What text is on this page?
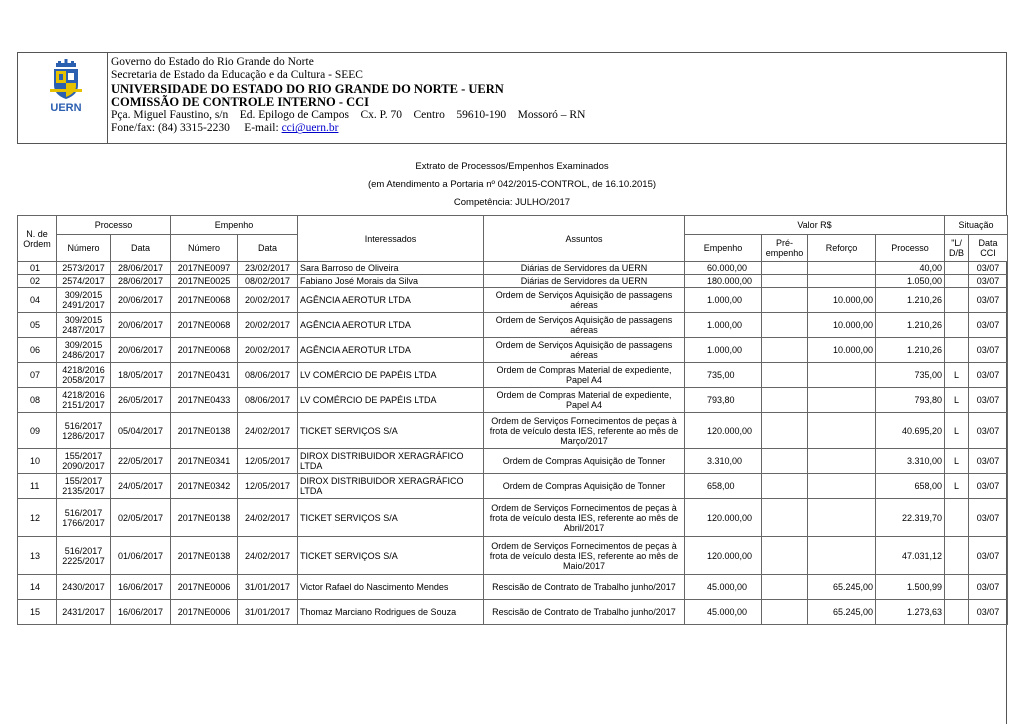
UERN
Governo do Estado do Rio Grande do Norte
Secretaria de Estado da Educação e da Cultura - SEEC
UNIVERSIDADE DO ESTADO DO RIO GRANDE DO NORTE - UERN
COMISSÃO DE CONTROLE INTERNO - CCI
Pça. Miguel Faustino, s/n    Ed. Epilogo de Campos    Cx. P. 70    Centro    59610-190    Mossoró – RN
Fone/fax: (84) 3315-2230 E-mail: cci@uern.br
Extrato de Processos/Empenhos Examinados
(em Atendimento a Portaria nº 042/2015-CONTROL, de 16.10.2015)
Competência: JULHO/2017
N. de Ordem	Processo		Empenho		Interessados	Assuntos	Valor R$				Situação	
	Número	Data	Número	Data			Empenho	Pré-empenho	Reforço	Processo	"L/ D/B	Data CCI
01	2573/2017	28/06/2017	2017NE0097	23/02/2017	Sara Barroso de Oliveira	Diárias de Servidores da UERN	60.000,00			40,00		03/07
02	2574/2017	28/06/2017	2017NE0025	08/02/2017	Fabiano José Morais da Silva	Diárias de Servidores da UERN	180.000,00			1.050,00		03/07
04	309/2015 2491/2017	20/06/2017	2017NE0068	20/02/2017	AGÊNCIA AEROTUR LTDA	Ordem de Serviços Aquisição de passagens aéreas	1.000,00		10.000,00	1.210,26		03/07
05	309/2015 2487/2017	20/06/2017	2017NE0068	20/02/2017	AGÊNCIA AEROTUR LTDA	Ordem de Serviços Aquisição de passagens aéreas	1.000,00		10.000,00	1.210,26		03/07
06	309/2015 2486/2017	20/06/2017	2017NE0068	20/02/2017	AGÊNCIA AEROTUR LTDA	Ordem de Serviços Aquisição de passagens aéreas	1.000,00		10.000,00	1.210,26		03/07
07	4218/2016 2058/2017	18/05/2017	2017NE0431	08/06/2017	LV COMÉRCIO DE PAPÉIS LTDA	Ordem de Compras Material de expediente, Papel A4	735,00			735,00	L	03/07
08	4218/2016 2151/2017	26/05/2017	2017NE0433	08/06/2017	LV COMÉRCIO DE PAPÉIS LTDA	Ordem de Compras Material de expediente, Papel A4	793,80			793,80	L	03/07
09	516/2017 1286/2017	05/04/2017	2017NE0138	24/02/2017	TICKET SERVIÇOS S/A	Ordem de Serviços Fornecimentos de peças à frota de veículo desta IES, referente ao mês de Março/2017	120.000,00			40.695,20	L	03/07
10	155/2017 2090/2017	22/05/2017	2017NE0341	12/05/2017	DIROX DISTRIBUIDOR XERAGRÁFICO LTDA	Ordem de Compras Aquisição de Tonner	3.310,00			3.310,00	L	03/07
11	155/2017 2135/2017	24/05/2017	2017NE0342	12/05/2017	DIROX DISTRIBUIDOR XERAGRÁFICO LTDA	Ordem de Compras Aquisição de Tonner	658,00			658,00	L	03/07
12	516/2017 1766/2017	02/05/2017	2017NE0138	24/02/2017	TICKET SERVIÇOS S/A	Ordem de Serviços Fornecimentos de peças à frota de veículo desta IES, referente ao mês de Abril/2017	120.000,00			22.319,70		03/07
13	516/2017 2225/2017	01/06/2017	2017NE0138	24/02/2017	TICKET SERVIÇOS S/A	Ordem de Serviços Fornecimentos de peças à frota de veículo desta IES, referente ao mês de Maio/2017	120.000,00			47.031,12		03/07
14	2430/2017	16/06/2017	2017NE0006	31/01/2017	Victor Rafael do Nascimento Mendes	Rescisão de Contrato de Trabalho junho/2017	45.000,00		65.245,00	1.500,99		03/07
15	2431/2017	16/06/2017	2017NE0006	31/01/2017	Thomaz Marciano Rodrigues de Souza	Rescisão de Contrato de Trabalho junho/2017	45.000,00		65.245,00	1.273,63		03/07
